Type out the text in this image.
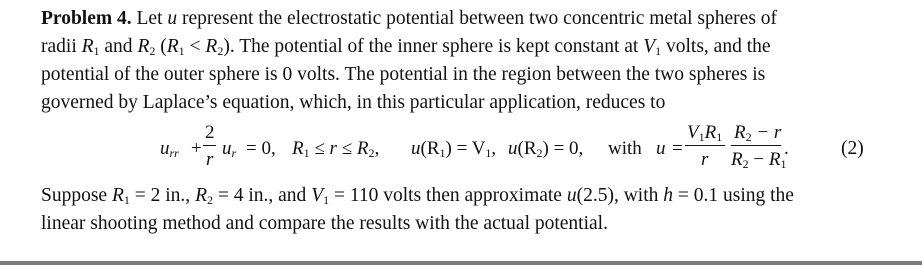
Problem 4. Let u represent the electrostatic potential between two concentric metal spheres of
radii $R_1$ and $R_2$ $(R_1 < R_2)$. The potential of the inner sphere is kept constant at $V_1$ volts, and the
potential of the outer sphere is 0 volts. The potential in the region between the two spheres is
governed by Laplace’s equation, which, in this particular application, reduces to
$u_{rr}$ +
2
r
$u_r = 0$, $R_1 \le r \le R_2$, $u(R_1) = V_1$, $u(R_2) = 0$, with u =
$V_1R_1$
r
$R_2 - r$
$R_2 - R_1$
.	(2)
Suppose $R_1 = 2$ in., $R_2 = 4$ in., and $V_1 = 110$ volts then approximate u(2.5), with h = 0.1 using the
linear shooting method and compare the results with the actual potential.
